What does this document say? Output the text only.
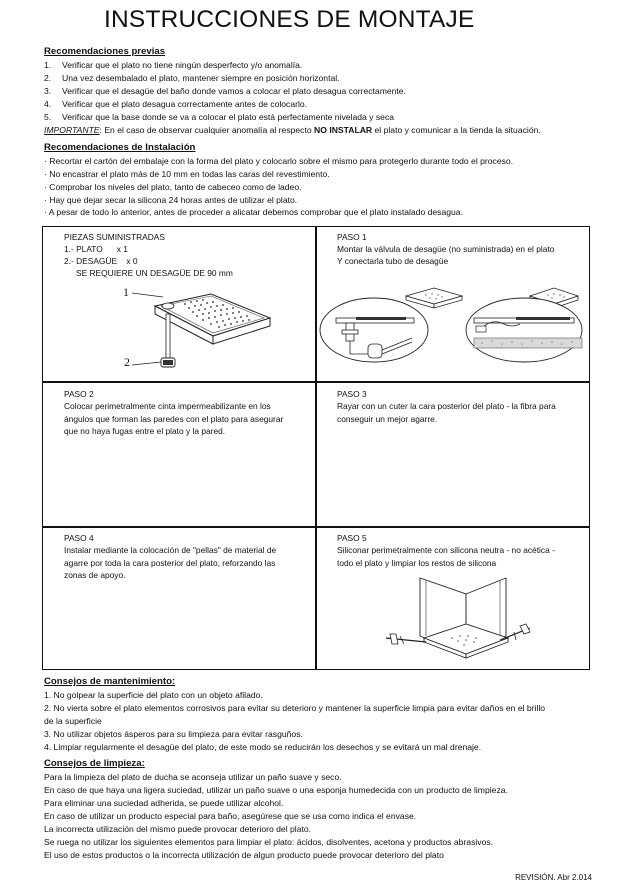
INSTRUCCIONES DE MONTAJE
Recomendaciones previas
1. Verificar que el plato no tiene ningún desperfecto y/o anomalía.
2. Una vez desembalado el plato, mantener siempre en posición horizontal.
3. Verificar que el desagüe del baño donde vamos a colocar el plato desagua correctamente.
4. Verificar que el plato desagua correctamente antes de colocarlo.
5. Verificar que la base donde se va a colocar el plato está perfectamente nivelada y seca
IMPORTANTE: En el caso de observar cualquier anomalía al respecto NO INSTALAR el plato y comunicar a la tienda la situación.
Recomendaciones de Instalación
· Recortar el cartón del embalaje con la forma del plato y colocarlo sobre el mismo para protegerlo durante todo el proceso.
· No encastrar el plato más de 10 mm en todas las caras del revestimiento.
· Comprobar los niveles del plato, tanto de cabeceo como de ladeo.
· Hay que dejar secar la silicona 24 horas antes de utilizar el plato.
· A pesar de todo lo anterior, antes de proceder a alicatar debemos comprobar que el plato instalado desagua.
PIEZAS SUMINISTRADAS
1.- PLATO      x 1
2.- DESAGÜE    x 0
SE REQUIERE UN DESAGÜE DE 90 mm
1
2
PASO 1
Montar la válvula de desagüe (no suministrada) en el plato
Y conectarla tubo de desagüe
PASO 2
Colocar perimetralmente cinta impermeabilizante en los
ángulos que forman las paredes con el plato para asegurar
que no haya fugas entre el plato y la pared.
PASO 3
Rayar con un cuter la cara posterior del plato - la fibra para
conseguir un mejor agarre.
PASO 4
Instalar mediante la colocación de "pellas" de material de
agarre por toda la cara posterior del plato, reforzando las
zonas de apoyo.
PASO 5
Siliconar perimetralmente con silicona neutra - no acética -
todo el plato y limpiar los restos de silicona
Consejos de mantenimiento:
1. No golpear la superficie del plato con un objeto afilado.
2. No vierta sobre el plato elementos corrosivos para evitar su deterioro y mantener la superficie limpia para evitar daños en el brillo
de la superficie
3. No utilizar objetos ásperos para su limpieza para evitar rasguños.
4. Limpiar regularmente el desagüe del plato, de este modo se reducirán los desechos y se evitará un mal drenaje.
Consejos de limpieza:
Para la limpieza del plato de ducha se aconseja utilizar un paño suave y seco.
En caso de que haya una ligera suciedad, utilizar un paño suave o una esponja humedecida con un producto de limpieza.
Para eliminar una suciedad adherida, se puede utilizar alcohol.
En caso de utilizar un producto especial para baño, asegúrese que se usa como indica el envase.
La incorrecta utilización del mismo puede provocar deterioro del plato.
Se ruega no utilizar los siguientes elementos para limpiar el plato: ácidos, disolventes, acetona y productos abrasivos.
El uso de estos productos o la incorrecta utilización de algun producto puede provocar deterioro del plato
REVISIÓN. Abr 2.014
